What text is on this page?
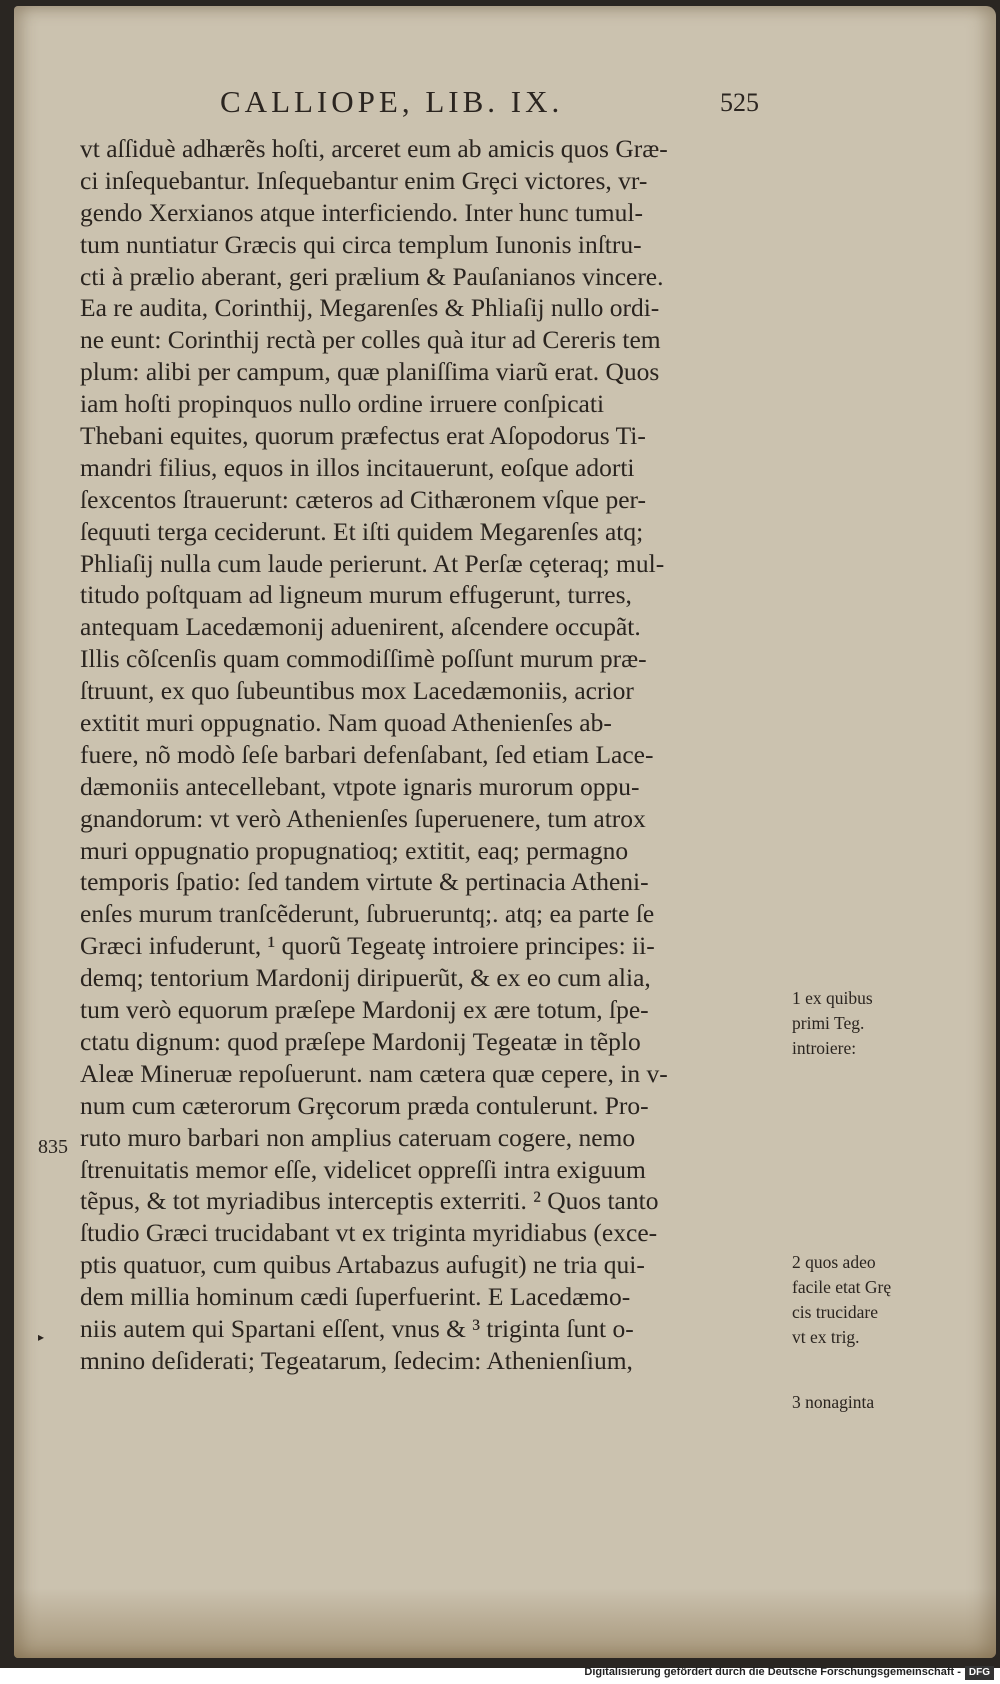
CALLIOPE, LIB. IX.	525
vt aſſiduè adhærẽs hoſti, arceret eum ab amicis quos Græ-
ci inſequebantur. Inſequebantur enim Grȩci victores, vr-
gendo Xerxianos atque interficiendo. Inter hunc tumul-
tum nuntiatur Græcis qui circa templum Iunonis inſtru-
cti à prælio aberant, geri prælium & Pauſanianos vincere.
Ea re audita, Corinthij, Megarenſes & Phliaſij nullo ordi-
ne eunt: Corinthij rectà per colles quà itur ad Cereris tem
plum: alibi per campum, quæ planiſſima viarũ erat. Quos
iam hoſti propinquos nullo ordine irruere conſpicati
Thebani equites, quorum præfectus erat Aſopodorus Ti-
mandri filius, equos in illos incitauerunt, eoſque adorti
ſexcentos ſtrauerunt: cæteros ad Cithæronem vſque per-
ſequuti terga ceciderunt. Et iſti quidem Megarenſes atq;
Phliaſij nulla cum laude perierunt. At Perſæ cȩteraq; mul-
titudo poſtquam ad ligneum murum effugerunt, turres,
antequam Lacedæmonij aduenirent, aſcendere occupãt.
Illis cõſcenſis quam commodiſſimè poſſunt murum præ-
ſtruunt, ex quo ſubeuntibus mox Lacedæmoniis, acrior
extitit muri oppugnatio. Nam quoad Athenienſes ab-
fuere, nõ modò ſeſe barbari defenſabant, ſed etiam Lace-
dæmoniis antecellebant, vtpote ignaris murorum oppu-
gnandorum: vt verò Athenienſes ſuperuenere, tum atrox
muri oppugnatio propugnatioq; extitit, eaq; permagno
temporis ſpatio: ſed tandem virtute & pertinacia Atheni-
enſes murum tranſcẽderunt, ſubrueruntq;. atq; ea parte ſe
Græci infuderunt, ¹ quorũ Tegeatȩ introiere principes: ii-
demq; tentorium Mardonij diripuerũt, & ex eo cum alia,
tum verò equorum præſepe Mardonij ex ære totum, ſpe-
ctatu dignum: quod præſepe Mardonij Tegeatæ in tẽplo
Aleæ Mineruæ repoſuerunt. nam cætera quæ cepere, in v-
num cum cæterorum Grȩcorum præda contulerunt. Pro-
ruto muro barbari non amplius cateruam cogere, nemo
ſtrenuitatis memor eſſe, videlicet oppreſſi intra exiguum
tẽpus, & tot myriadibus interceptis exterriti. ² Quos tanto
ſtudio Græci trucidabant vt ex triginta myridiabus (exce-
ptis quatuor, cum quibus Artabazus aufugit) ne tria qui-
dem millia hominum cædi ſuperfuerint. E Lacedæmo-
niis autem qui Spartani eſſent, vnus & ³ triginta ſunt o-
mnino deſiderati; Tegeatarum, ſedecim: Athenienſium,
835
▸
1 ex quibus
primi Teg.
introiere:
2 quos adeo
facile etat Grę
cis trucidare
vt ex trig.
3 nonaginta
Digitalisierung gefördert durch die Deutsche Forschungsgemeinschaft - DFG
